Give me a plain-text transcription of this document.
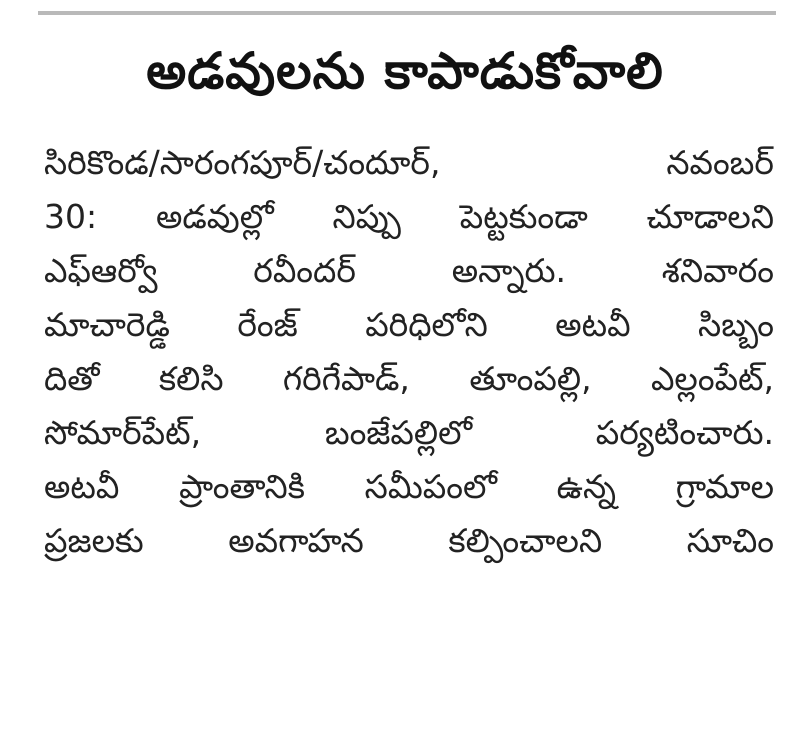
అడవులను కాపాడుకోవాలి
సిరికొండ/సారంగపూర్/చందూర్, నవంబర్
30: అడవుల్లో నిప్పు పెట్టకుండా చూడాలని
ఎఫ్ఆర్వో రవీందర్ అన్నారు. శనివారం
మాచారెడ్డి రేంజ్ పరిధిలోని అటవీ సిబ్బం
దితో కలిసి గరిగేపాడ్, తూంపల్లి, ఎల్లంపేట్,
సోమార్‌పేట్, బంజేపల్లిలో పర్యటించారు.
అటవీ ప్రాంతానికి సమీపంలో ఉన్న గ్రామాల
ప్రజలకు అవగాహన కల్పించాలని సూచిం
